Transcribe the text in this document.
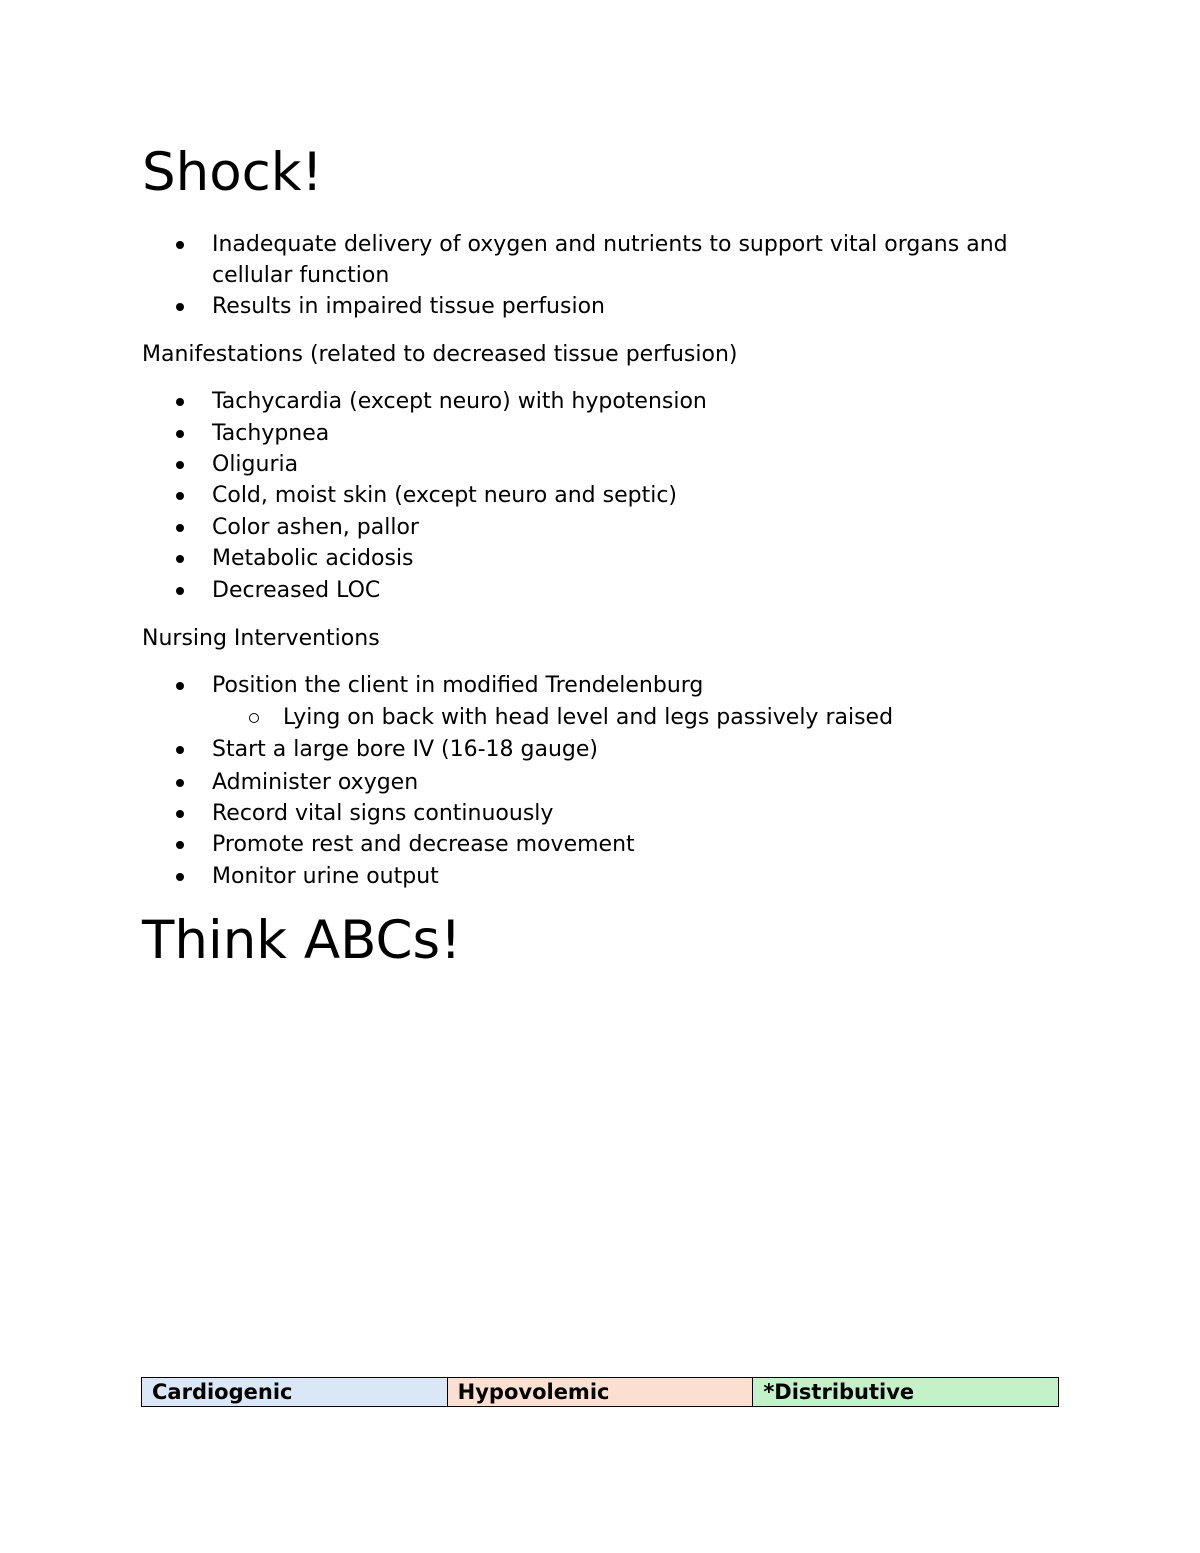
Shock!
Inadequate delivery of oxygen and nutrients to support vital organs and cellular function
Results in impaired tissue perfusion

Manifestations (related to decreased tissue perfusion)

Tachycardia (except neuro) with hypotension
Tachypnea
Oliguria
Cold, moist skin (except neuro and septic)
Color ashen, pallor
Metabolic acidosis
Decreased LOC

Nursing Interventions

Position the client in modified Trendelenburg
Lying on back with head level and legs passively raised
Start a large bore IV (16-18 gauge)
Administer oxygen
Record vital signs continuously
Promote rest and decrease movement
Monitor urine output
Think ABCs!
Cardiogenic	Hypovolemic	*Distributive
